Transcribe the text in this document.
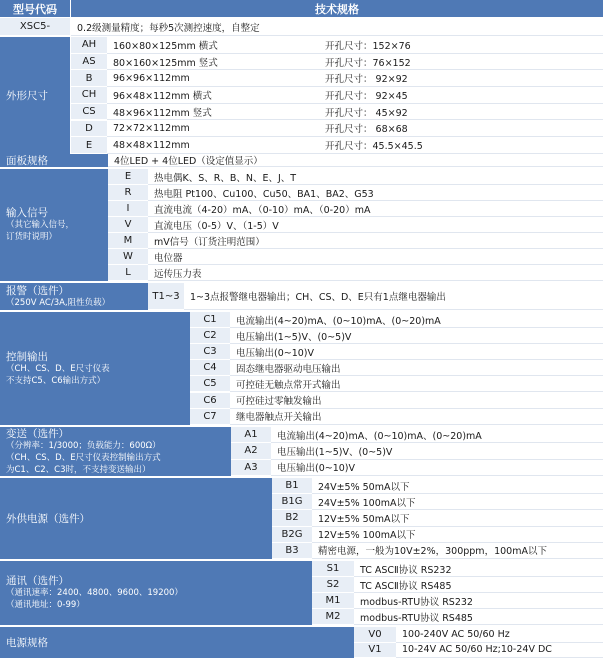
型号代码	技术规格
XSC5-	0.2级测量精度；每秒5次测控速度，自整定
外形尺寸
AH	160×80×125mm 横式	开孔尺寸：152×76
AS	80×160×125mm 竖式	开孔尺寸：76×152
B	96×96×112mm	开孔尺寸： 92×92
CH	96×48×112mm 横式	开孔尺寸： 92×45
CS	48×96×112mm 竖式	开孔尺寸： 45×92
D	72×72×112mm	开孔尺寸： 68×68
E	48×48×112mm	开孔尺寸：45.5×45.5
面板规格	4位LED + 4位LED（设定值显示）
输入信号
（其它输入信号，
订货时说明）
E	热电偶K、S、R、B、N、E、J、T
R	热电阻 Pt100、Cu100、Cu50、BA1、BA2、G53
I	直流电流（4-20）mA、（0-10）mA、（0-20）mA
V	直流电压（0-5）V、（1-5）V
M	mV信号（订货注明范围）
W	电位器
L	远传压力表
报警（选件）
（250V AC/3A,阻性负载）
T1~3	1~3点报警继电器输出；CH、CS、D、E只有1点继电器输出
控制输出
（CH、CS、D、E尺寸仪表
不支持C5、C6输出方式）
C1	电流输出(4~20)mA、(0~10)mA、(0~20)mA
C2	电压输出(1~5)V、(0~5)V
C3	电压输出(0~10)V
C4	固态继电器驱动电压输出
C5	可控硅无触点常开式输出
C6	可控硅过零触发输出
C7	继电器触点开关输出
变送（选件）
（分辨率：1/3000；负载能力：600Ω）
（CH、CS、D、E尺寸仪表控制输出方式
为C1、C2、C3时，不支持变送输出）
A1	电流输出(4~20)mA、(0~10)mA、(0~20)mA
A2	电压输出(1~5)V、(0~5)V
A3	电压输出(0~10)V
外供电源（选件）
B1	24V±5% 50mA以下
B1G	24V±5% 100mA以下
B2	12V±5% 50mA以下
B2G	12V±5% 100mA以下
B3	精密电源，一般为10V±2%，300ppm，100mA以下
通讯（选件）
（通讯速率：2400、4800、9600、19200）
（通讯地址：0-99）
S1	TC ASCⅡ协议 RS232
S2	TC ASCⅡ协议 RS485
M1	modbus-RTU协议 RS232
M2	modbus-RTU协议 RS485
电源规格
V0	100-240V AC 50/60 Hz
V1	10-24V AC 50/60 Hz;10-24V DC
